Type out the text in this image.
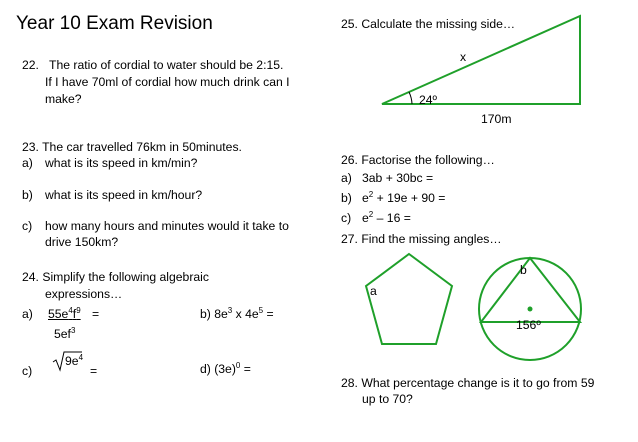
Year 10 Exam Revision
22. The ratio of cordial to water should be 2:15.
If I have 70ml of cordial how much drink can I
make?
23. The car travelled 76km in 50minutes.
a) what is its speed in km/min?
b) what is its speed in km/hour?
c) how many hours and minutes would it take to
drive 150km?
24. Simplify the following algebraic
expressions…
a) $55e^4f^9$ =
$5ef^3$
b) $8e^3$ x $4e^5$ =
c)
$9e^4$
=	d) $(3e)^0$ =
25. Calculate the missing side…
x
24º
170m
26. Factorise the following…
a) 3ab + 30bc =
b) $e^2 + 19e + 90$ =
c) $e^2 - 16$ =
27. Find the missing angles…
a
b
156º
28. What percentage change is it to go from 59
up to 70?
